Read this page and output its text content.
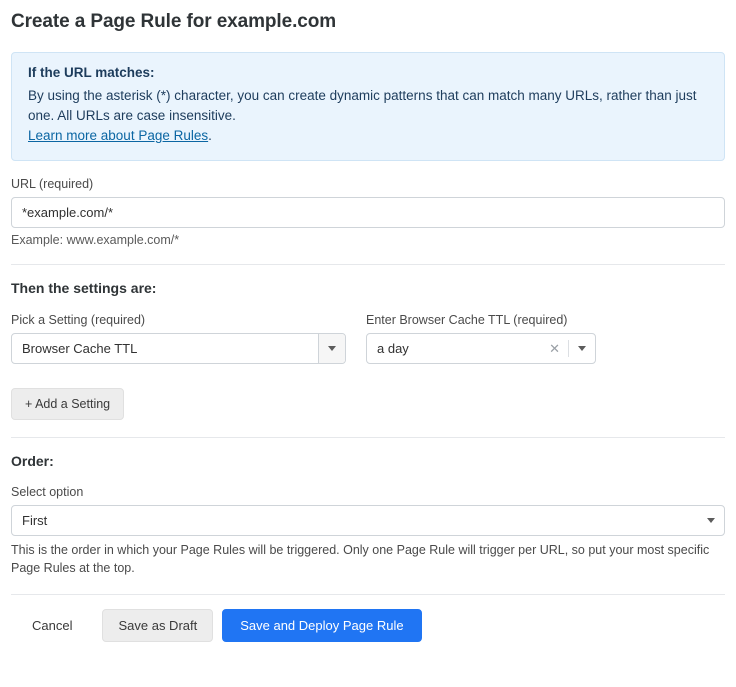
Create a Page Rule for example.com
If the URL matches:
By using the asterisk (*) character, you can create dynamic patterns that can match many URLs, rather than just one. All URLs are case insensitive.
Learn more about Page Rules.
URL (required)
*example.com/*
Example: www.example.com/*
Then the settings are:
Pick a Setting (required)
Browser Cache TTL
Enter Browser Cache TTL (required)
a day	✕
+ Add a Setting
Order:
Select option
First
This is the order in which your Page Rules will be triggered. Only one Page Rule will trigger per URL, so put your most specific Page Rules at the top.
Cancel	Save as Draft	Save and Deploy Page Rule
